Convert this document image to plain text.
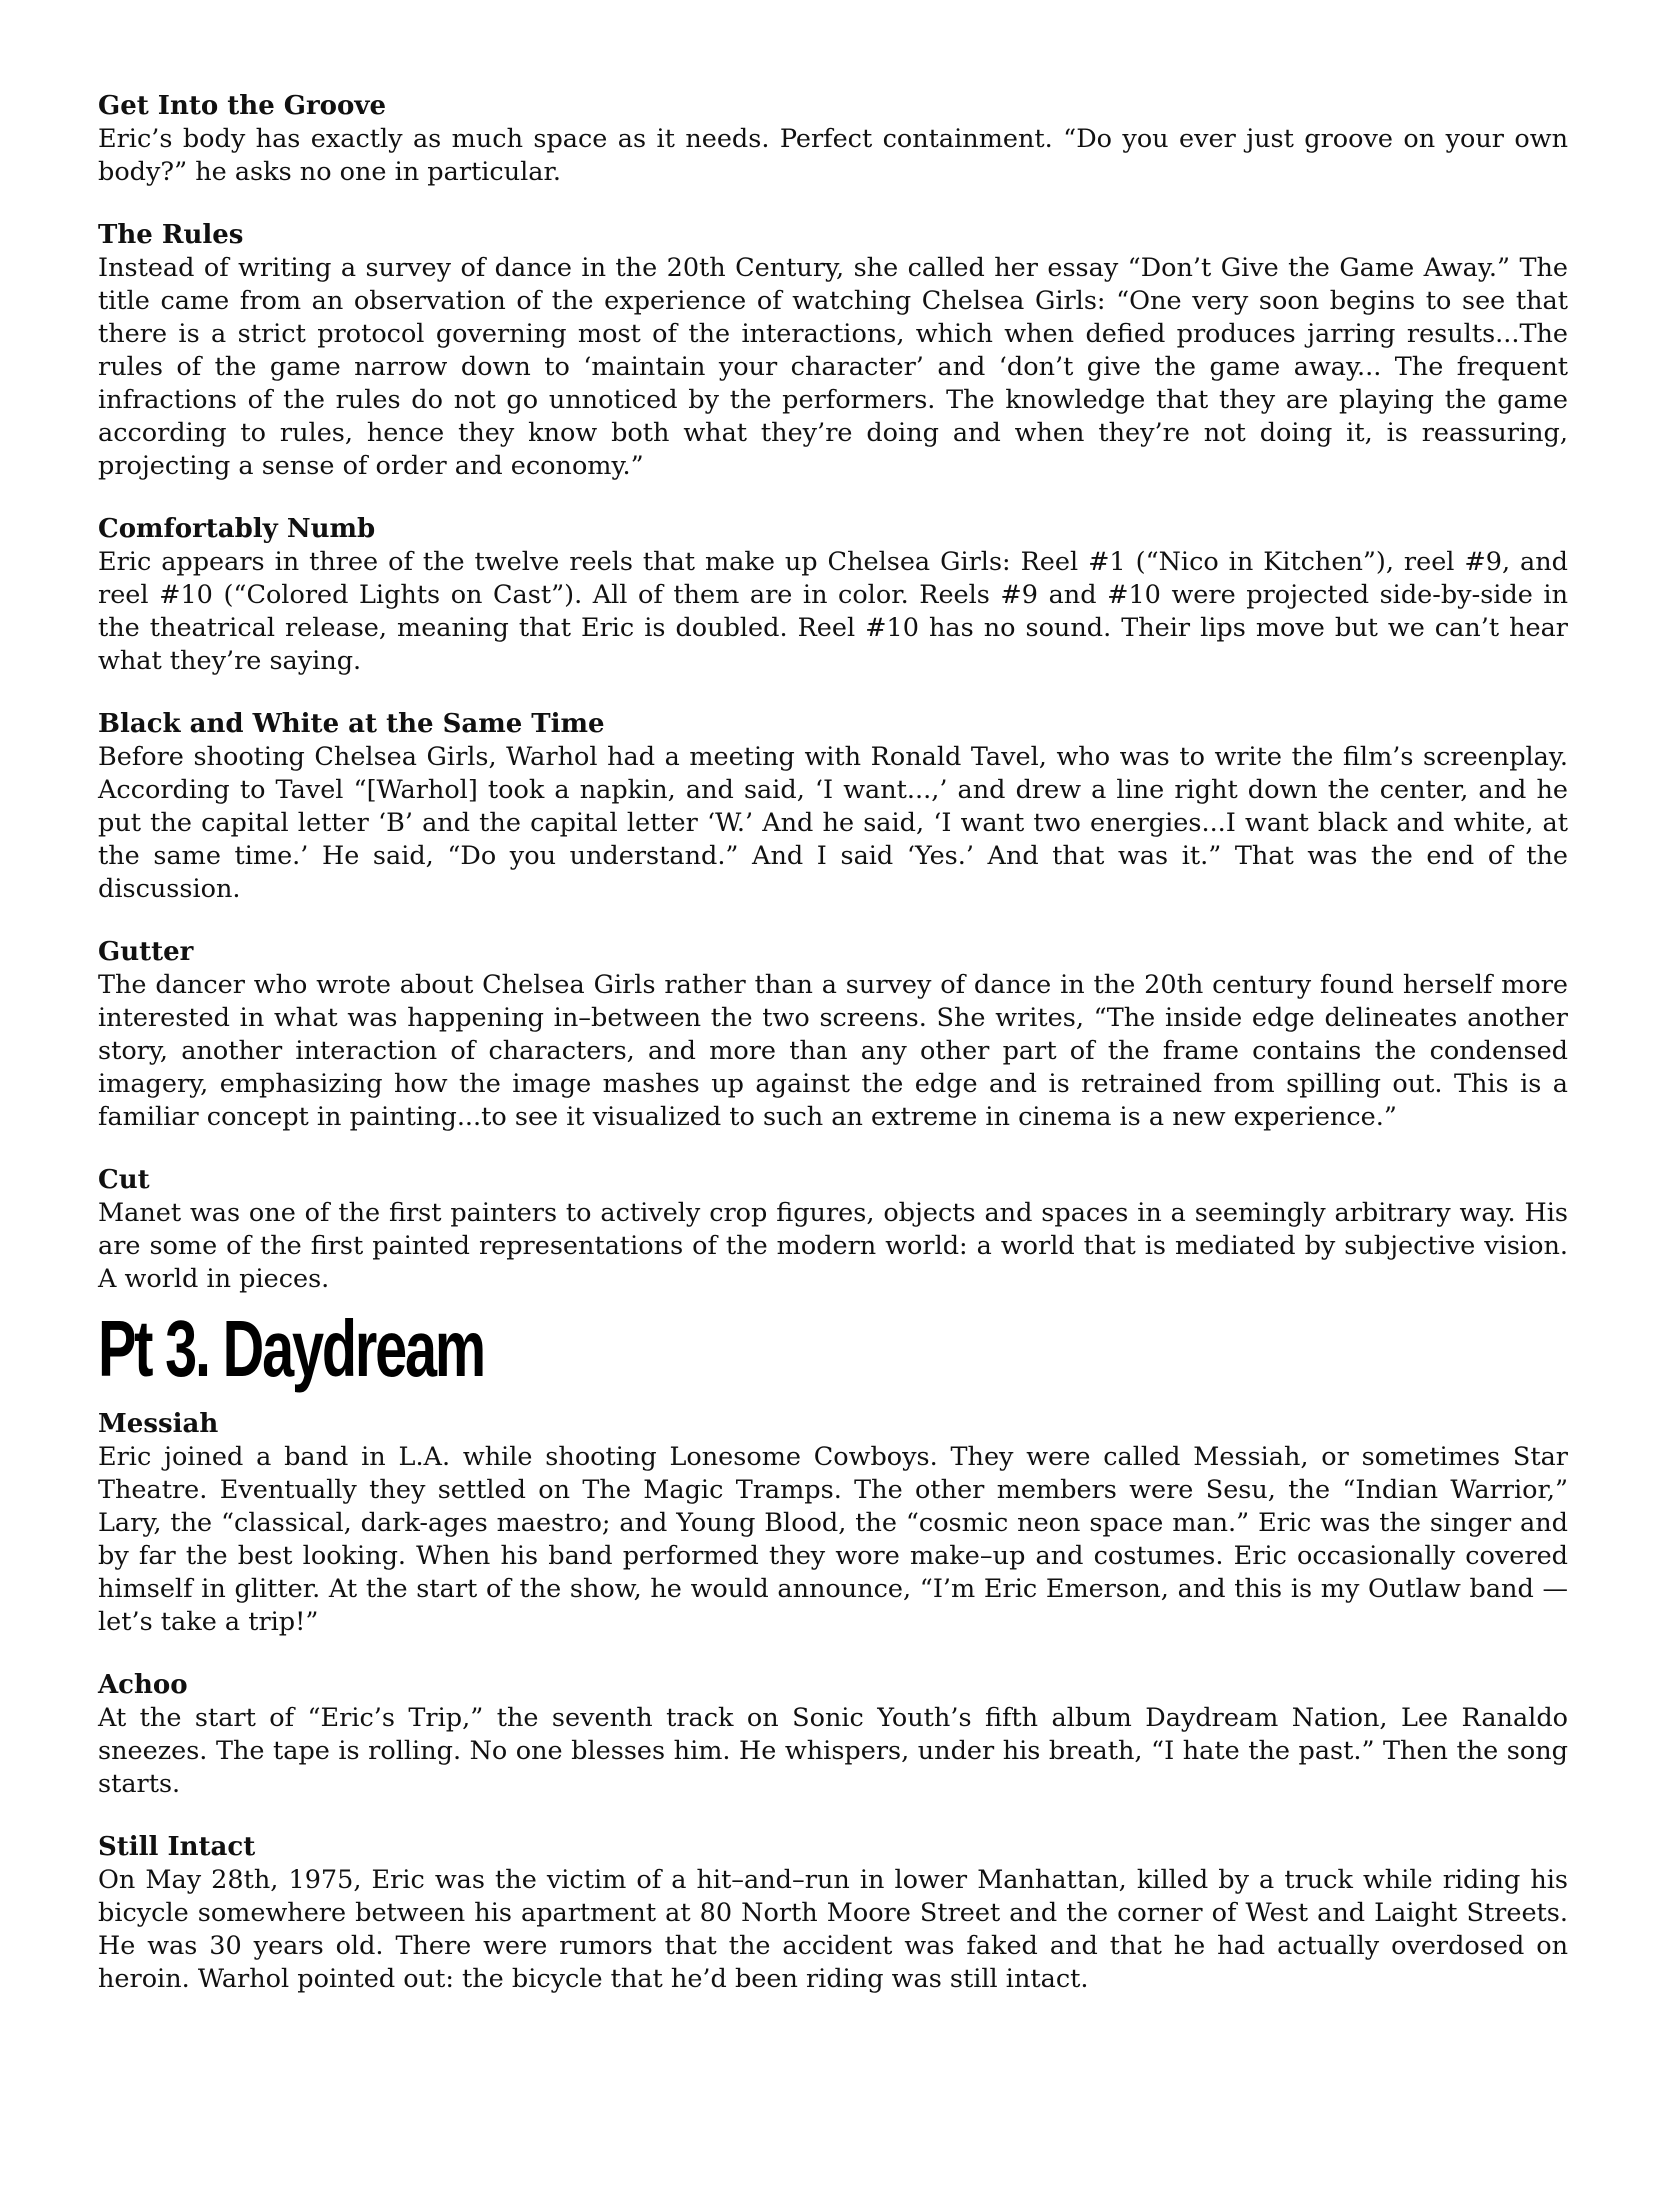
Get Into the Groove

Eric’s body has exactly as much space as it needs. Perfect containment. “Do you ever just groove on your own body?” he asks no one in particular.

The Rules

Instead of writing a survey of dance in the 20th Century, she called her essay “Don’t Give the Game Away.” The title came from an observation of the experience of watching Chelsea Girls: “One very soon begins to see that there is a strict protocol governing most of the interactions, which when defied produces jarring results...The rules of the game narrow down to ‘maintain your character’ and ‘don’t give the game away... The frequent infractions of the rules do not go unnoticed by the performers. The knowledge that they are playing the game according to rules, hence they know both what they’re doing and when they’re not doing it, is reassuring, projecting a sense of order and economy.”

Comfortably Numb

Eric appears in three of the twelve reels that make up Chelsea Girls: Reel #1 (“Nico in Kitchen”), reel #9, and reel #10 (“Colored Lights on Cast”). All of them are in color. Reels #9 and #10 were projected side-by-side in the theatrical release, meaning that Eric is doubled. Reel #10 has no sound. Their lips move but we can’t hear what they’re saying.

Black and White at the Same Time

Before shooting Chelsea Girls, Warhol had a meeting with Ronald Tavel, who was to write the film’s screenplay. According to Tavel “[Warhol] took a napkin, and said, ‘I want...,’ and drew a line right down the center, and he put the capital letter ‘B’ and the capital letter ‘W.’ And he said, ‘I want two energies...I want black and white, at the same time.’ He said, “Do you understand.” And I said ‘Yes.’ And that was it.” That was the end of the discussion.

Gutter

The dancer who wrote about Chelsea Girls rather than a survey of dance in the 20th century found herself more interested in what was happening in–between the two screens. She writes, “The inside edge delineates another story, another interaction of characters, and more than any other part of the frame contains the condensed imagery, emphasizing how the image mashes up against the edge and is retrained from spilling out. This is a familiar concept in painting...to see it visualized to such an extreme in cinema is a new experience.”

Cut

Manet was one of the first painters to actively crop figures, objects and spaces in a seemingly arbitrary way. His are some of the first painted representations of the modern world: a world that is mediated by subjective vision. A world in pieces.

Pt 3. Daydream
Messiah

Eric joined a band in L.A. while shooting Lonesome Cowboys. They were called Messiah, or sometimes Star Theatre. Eventually they settled on The Magic Tramps. The other members were Sesu, the “Indian Warrior,” Lary, the “classical, dark-ages maestro; and Young Blood, the “cosmic neon space man.” Eric was the singer and by far the best looking. When his band performed they wore make–up and costumes. Eric occasionally covered himself in glitter. At the start of the show, he would announce, “I’m Eric Emerson, and this is my Outlaw band — let’s take a trip!”

Achoo

At the start of “Eric’s Trip,” the seventh track on Sonic Youth’s fifth album Daydream Nation, Lee Ranaldo sneezes. The tape is rolling. No one blesses him. He whispers, under his breath, “I hate the past.” Then the song starts.

Still Intact

On May 28th, 1975, Eric was the victim of a hit–and–run in lower Manhattan, killed by a truck while riding his bicycle somewhere between his apartment at 80 North Moore Street and the corner of West and Laight Streets. He was 30 years old. There were rumors that the accident was faked and that he had actually overdosed on heroin. Warhol pointed out: the bicycle that he’d been riding was still intact.
